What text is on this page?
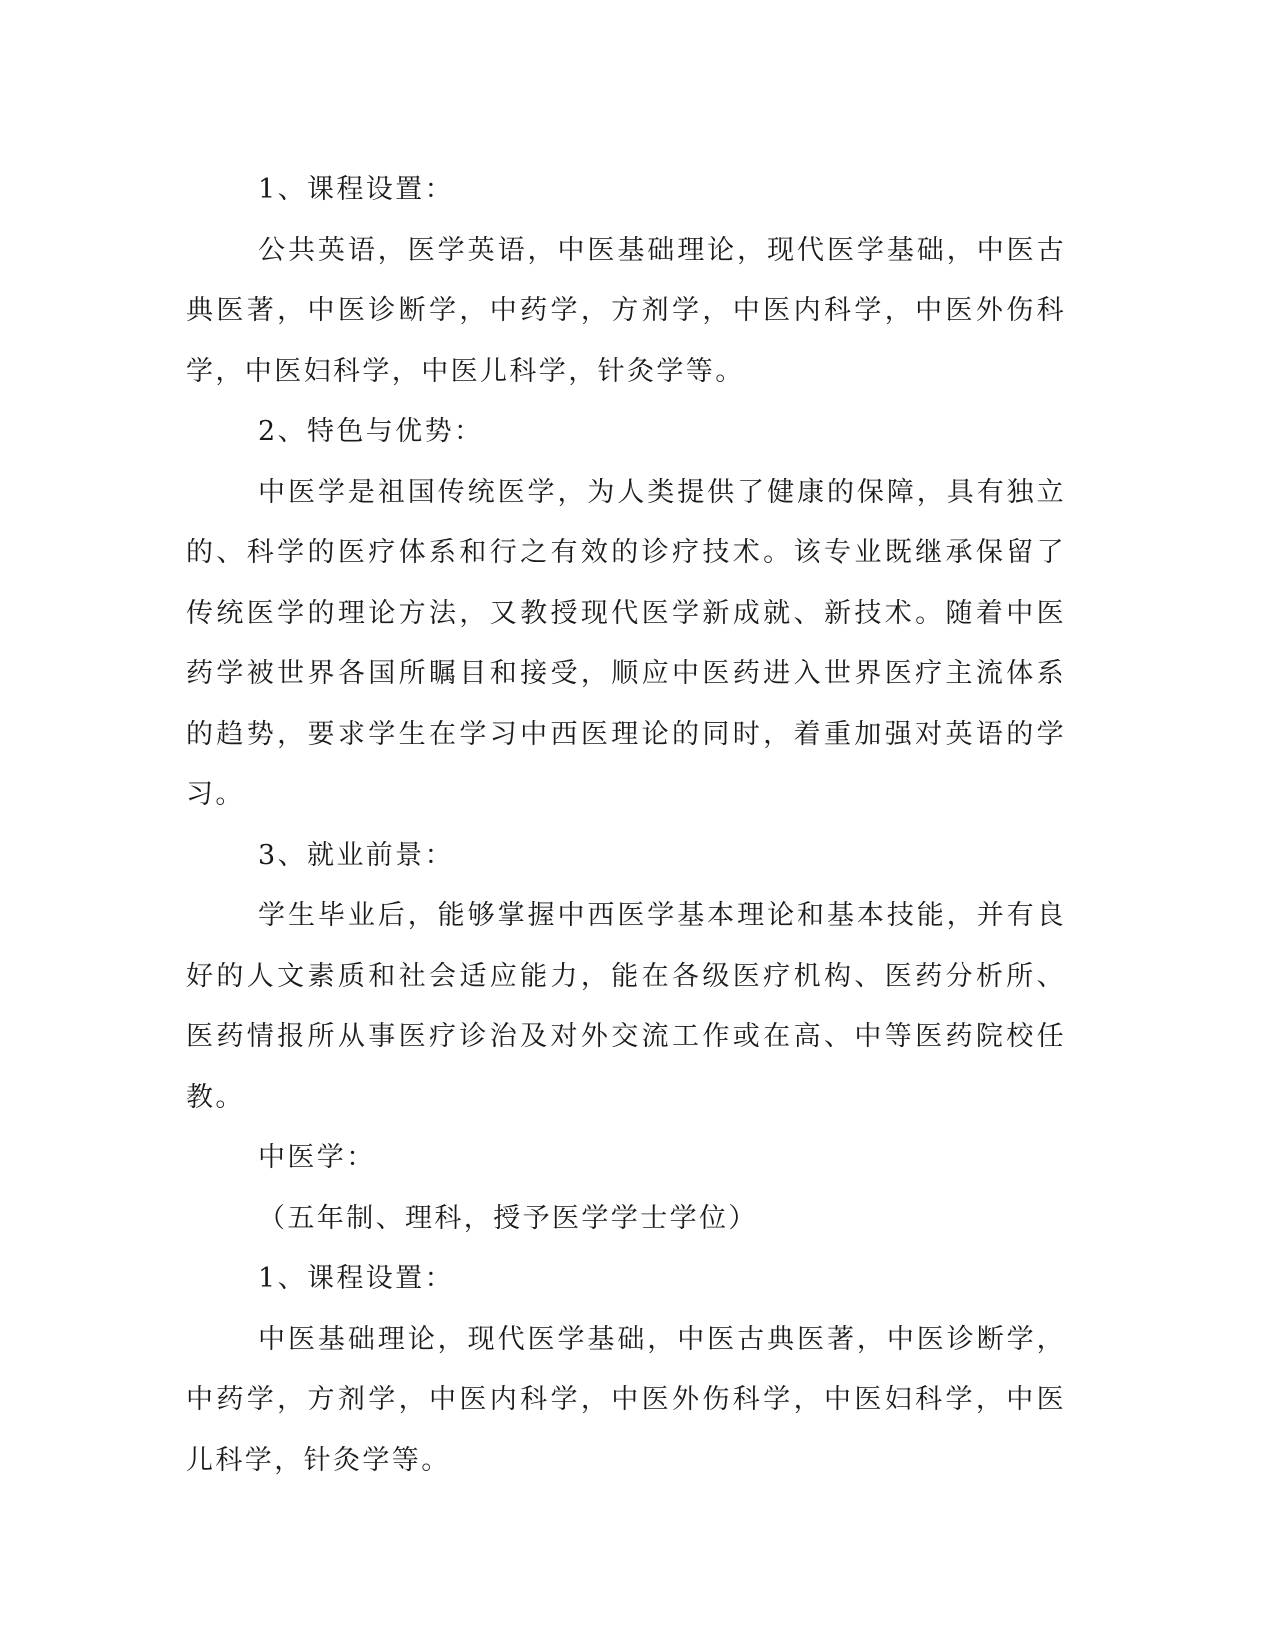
1、课程设置：

公共英语，医学英语，中医基础理论，现代医学基础，中医古典医著，中医诊断学，中药学，方剂学，中医内科学，中医外伤科学，中医妇科学，中医儿科学，针灸学等。

2、特色与优势：

中医学是祖国传统医学，为人类提供了健康的保障，具有独立的、科学的医疗体系和行之有效的诊疗技术。该专业既继承保留了传统医学的理论方法，又教授现代医学新成就、新技术。随着中医药学被世界各国所瞩目和接受，顺应中医药进入世界医疗主流体系的趋势，要求学生在学习中西医理论的同时，着重加强对英语的学习。

3、就业前景：

学生毕业后，能够掌握中西医学基本理论和基本技能，并有良好的人文素质和社会适应能力，能在各级医疗机构、医药分析所、医药情报所从事医疗诊治及对外交流工作或在高、中等医药院校任教。

中医学：

（五年制、理科，授予医学学士学位）

1、课程设置：

中医基础理论，现代医学基础，中医古典医著，中医诊断学，中药学，方剂学，中医内科学，中医外伤科学，中医妇科学，中医儿科学，针灸学等。
